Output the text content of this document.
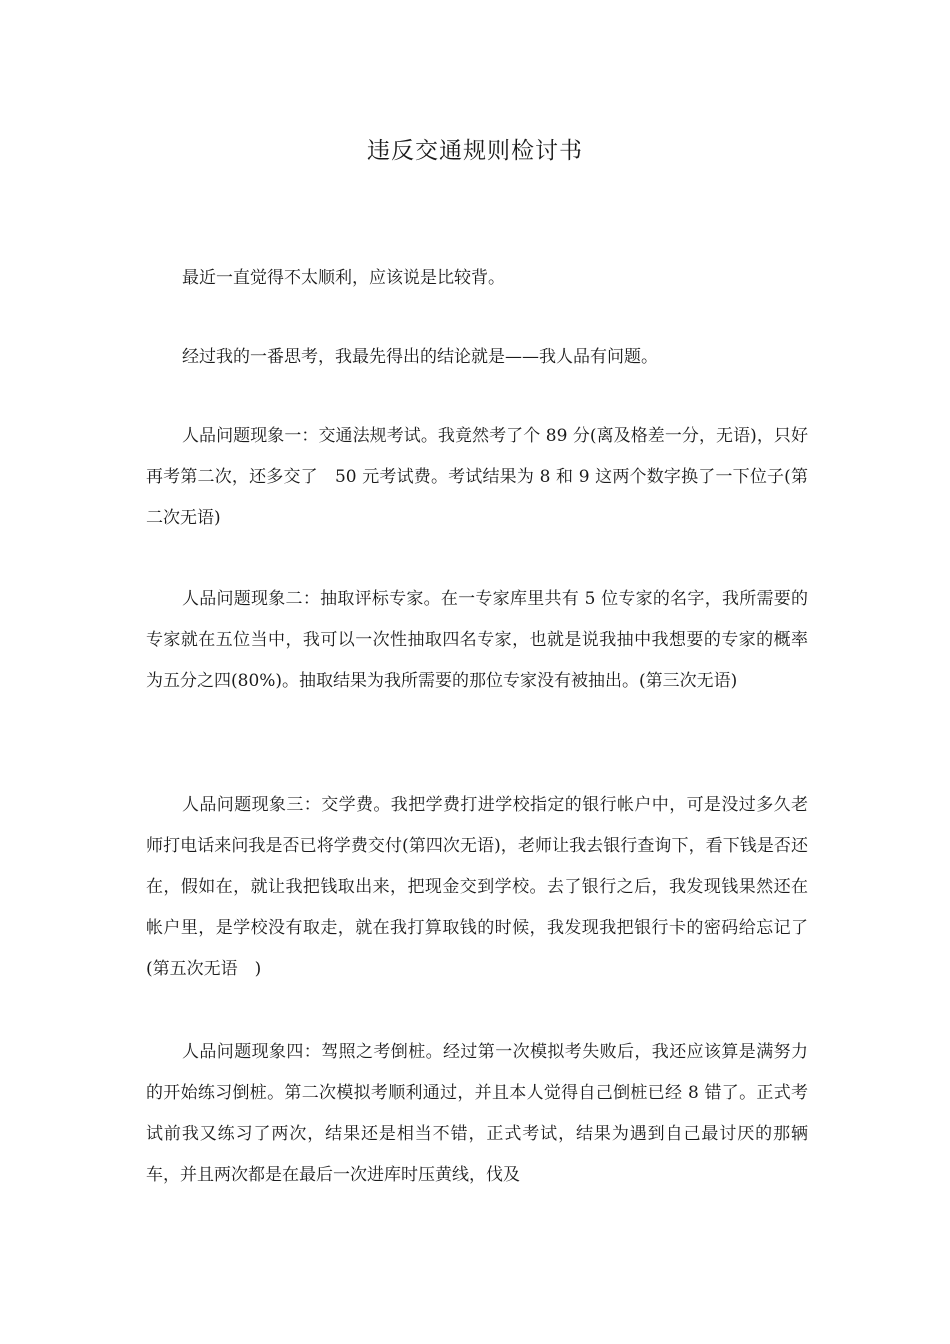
违反交通规则检讨书

最近一直觉得不太顺利，应该说是比较背。

经过我的一番思考，我最先得出的结论就是——我人品有问题。

人品问题现象一：交通法规考试。我竟然考了个 89 分(离及格差一分，无语)，只好再考第二次，还多交了　50 元考试费。考试结果为 8 和 9 这两个数字换了一下位子(第二次无语)

人品问题现象二：抽取评标专家。在一专家库里共有 5 位专家的名字，我所需要的专家就在五位当中，我可以一次性抽取四名专家，也就是说我抽中我想要的专家的概率为五分之四(80%)。抽取结果为我所需要的那位专家没有被抽出。(第三次无语)

人品问题现象三：交学费。我把学费打进学校指定的银行帐户中，可是没过多久老师打电话来问我是否已将学费交付(第四次无语)，老师让我去银行查询下，看下钱是否还在，假如在，就让我把钱取出来，把现金交到学校。去了银行之后，我发现钱果然还在帐户里，是学校没有取走，就在我打算取钱的时候，我发现我把银行卡的密码给忘记了(第五次无语　)

人品问题现象四：驾照之考倒桩。经过第一次模拟考失败后，我还应该算是满努力的开始练习倒桩。第二次模拟考顺利通过，并且本人觉得自己倒桩已经 8 错了。正式考试前我又练习了两次，结果还是相当不错，正式考试，结果为遇到自己最讨厌的那辆车，并且两次都是在最后一次进库时压黄线，伐及
